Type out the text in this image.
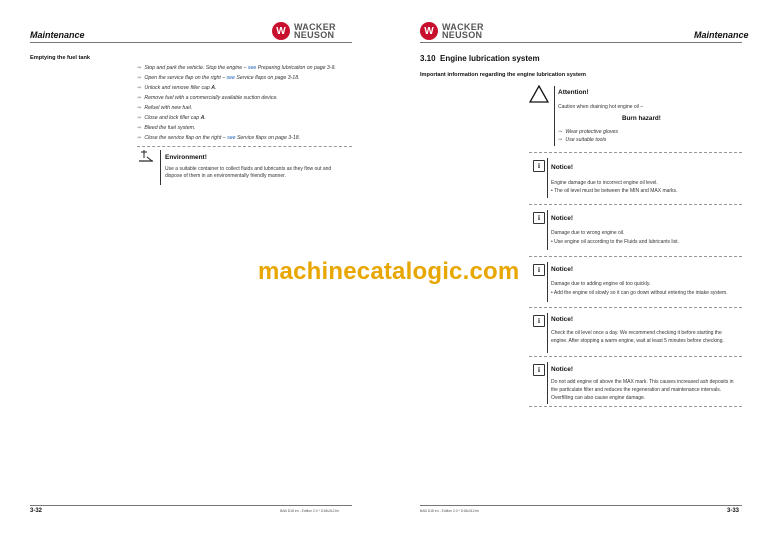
Maintenance	W WACKER
NEUSON
Emptying the fuel tank
⇒ Stop and park the vehicle. Stop the engine – see Preparing lubrication on page 3-9.
⇒ Open the service flap on the right – see Service flaps on page 3-18.
⇒ Unlock and remove filler cap A.
⇒ Remove fuel with a commercially available suction device.
⇒ Refuel with new fuel.
⇒ Close and lock filler cap A.
⇒ Bleed the fuel system.
⇒ Close the service flap on the right – see Service flaps on page 3-18.
Environment!
Use a suitable container to collect fluids and lubricants as they flow out and
dispose of them in an environmentally friendly manner.
3-32	BAB D18 en - Edition 2.0 * D18s312.fm
W WACKER
NEUSON	Maintenance
3.10 Engine lubrication system
Important information regarding the engine lubrication system
Attention!
Caution when draining hot engine oil –
Burn hazard!
⇒ Wear protective gloves
⇒ Use suitable tools
i	Notice!
Engine damage due to incorrect engine oil level.
• The oil level must be between the MIN and MAX marks.
i	Notice!
Damage due to wrong engine oil.
• Use engine oil according to the Fluids and lubricants list.
i	Notice!
Damage due to adding engine oil too quickly.
• Add the engine oil slowly so it can go down without entering the intake system.
i	Notice!
Check the oil level once a day. We recommend checking it before starting the
engine. After stopping a warm engine, wait at least 5 minutes before checking.
i	Notice!
Do not add engine oil above the MAX mark. This causes increased ash deposits in
the particulate filter and reduces the regeneration and maintenance intervals.
Overfilling can also cause engine damage.
BAB D18 en - Edition 2.0 * D18s312.fm	3-33
machinecatalogic.com
